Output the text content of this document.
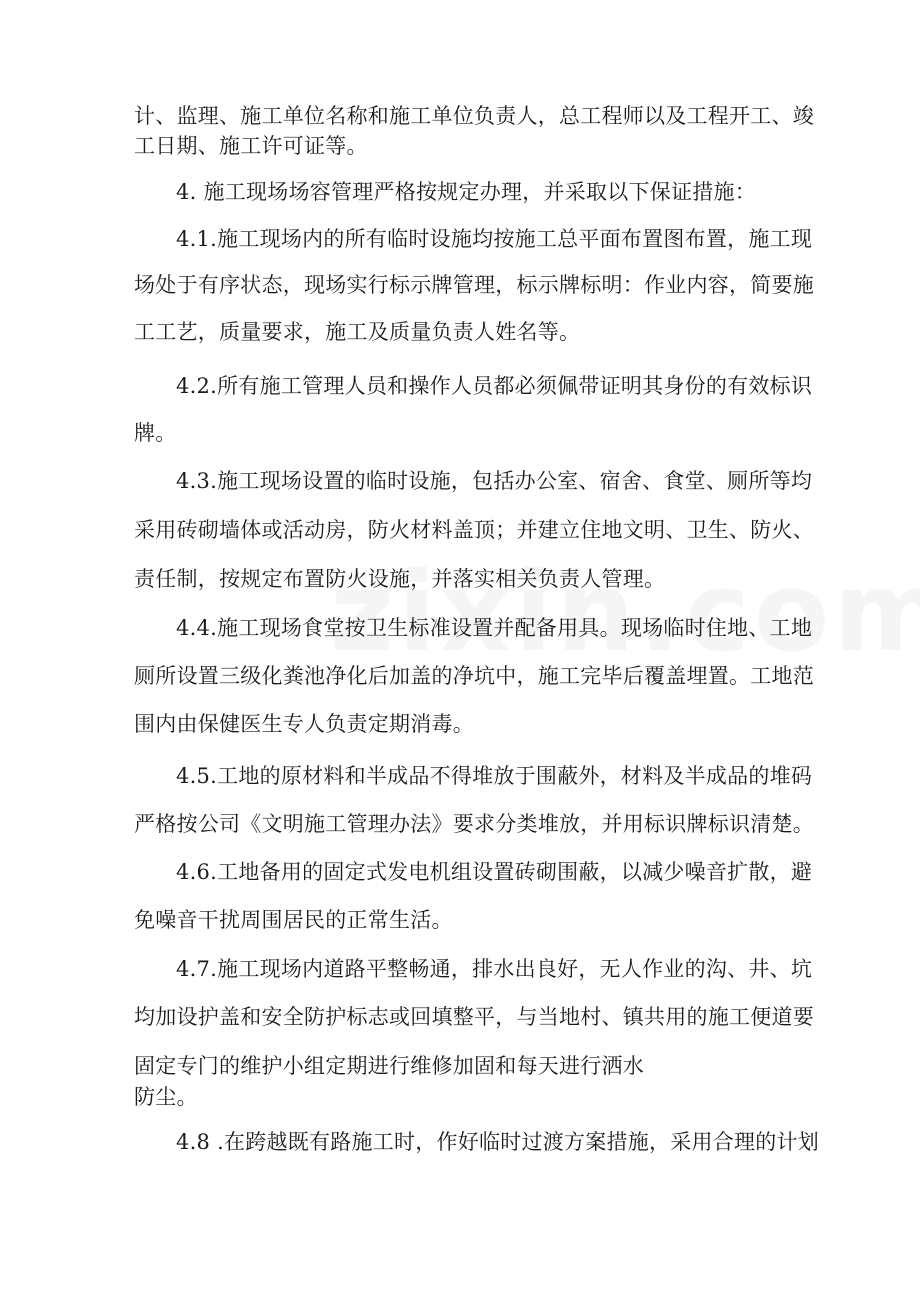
计、监理、施工单位名称和施工单位负责人，总工程师以及工程开工、竣

工日期、施工许可证等。

4. 施工现场场容管理严格按规定办理，并采取以下保证措施：

4.1.施工现场内的所有临时设施均按施工总平面布置图布置，施工现

场处于有序状态，现场实行标示牌管理，标示牌标明：作业内容，简要施

工工艺，质量要求，施工及质量负责人姓名等。

4.2.所有施工管理人员和操作人员都必须佩带证明其身份的有效标识

牌。

4.3.施工现场设置的临时设施，包括办公室、宿舍、食堂、厕所等均

采用砖砌墙体或活动房，防火材料盖顶；并建立住地文明、卫生、防火、

责任制，按规定布置防火设施，并落实相关负责人管理。

4.4.施工现场食堂按卫生标准设置并配备用具。现场临时住地、工地

厕所设置三级化粪池净化后加盖的净坑中，施工完毕后覆盖埋置。工地范

围内由保健医生专人负责定期消毒。

4.5.工地的原材料和半成品不得堆放于围蔽外，材料及半成品的堆码

严格按公司《文明施工管理办法》要求分类堆放，并用标识牌标识清楚。

4.6.工地备用的固定式发电机组设置砖砌围蔽，以减少噪音扩散，避

免噪音干扰周围居民的正常生活。

4.7.施工现场内道路平整畅通，排水出良好，无人作业的沟、井、坑

均加设护盖和安全防护标志或回填整平，与当地村、镇共用的施工便道要

固定专门的维护小组定期进行维修加固和每天进行洒水

防尘。

4.8 .在跨越既有路施工时，作好临时过渡方案措施，采用合理的计划
